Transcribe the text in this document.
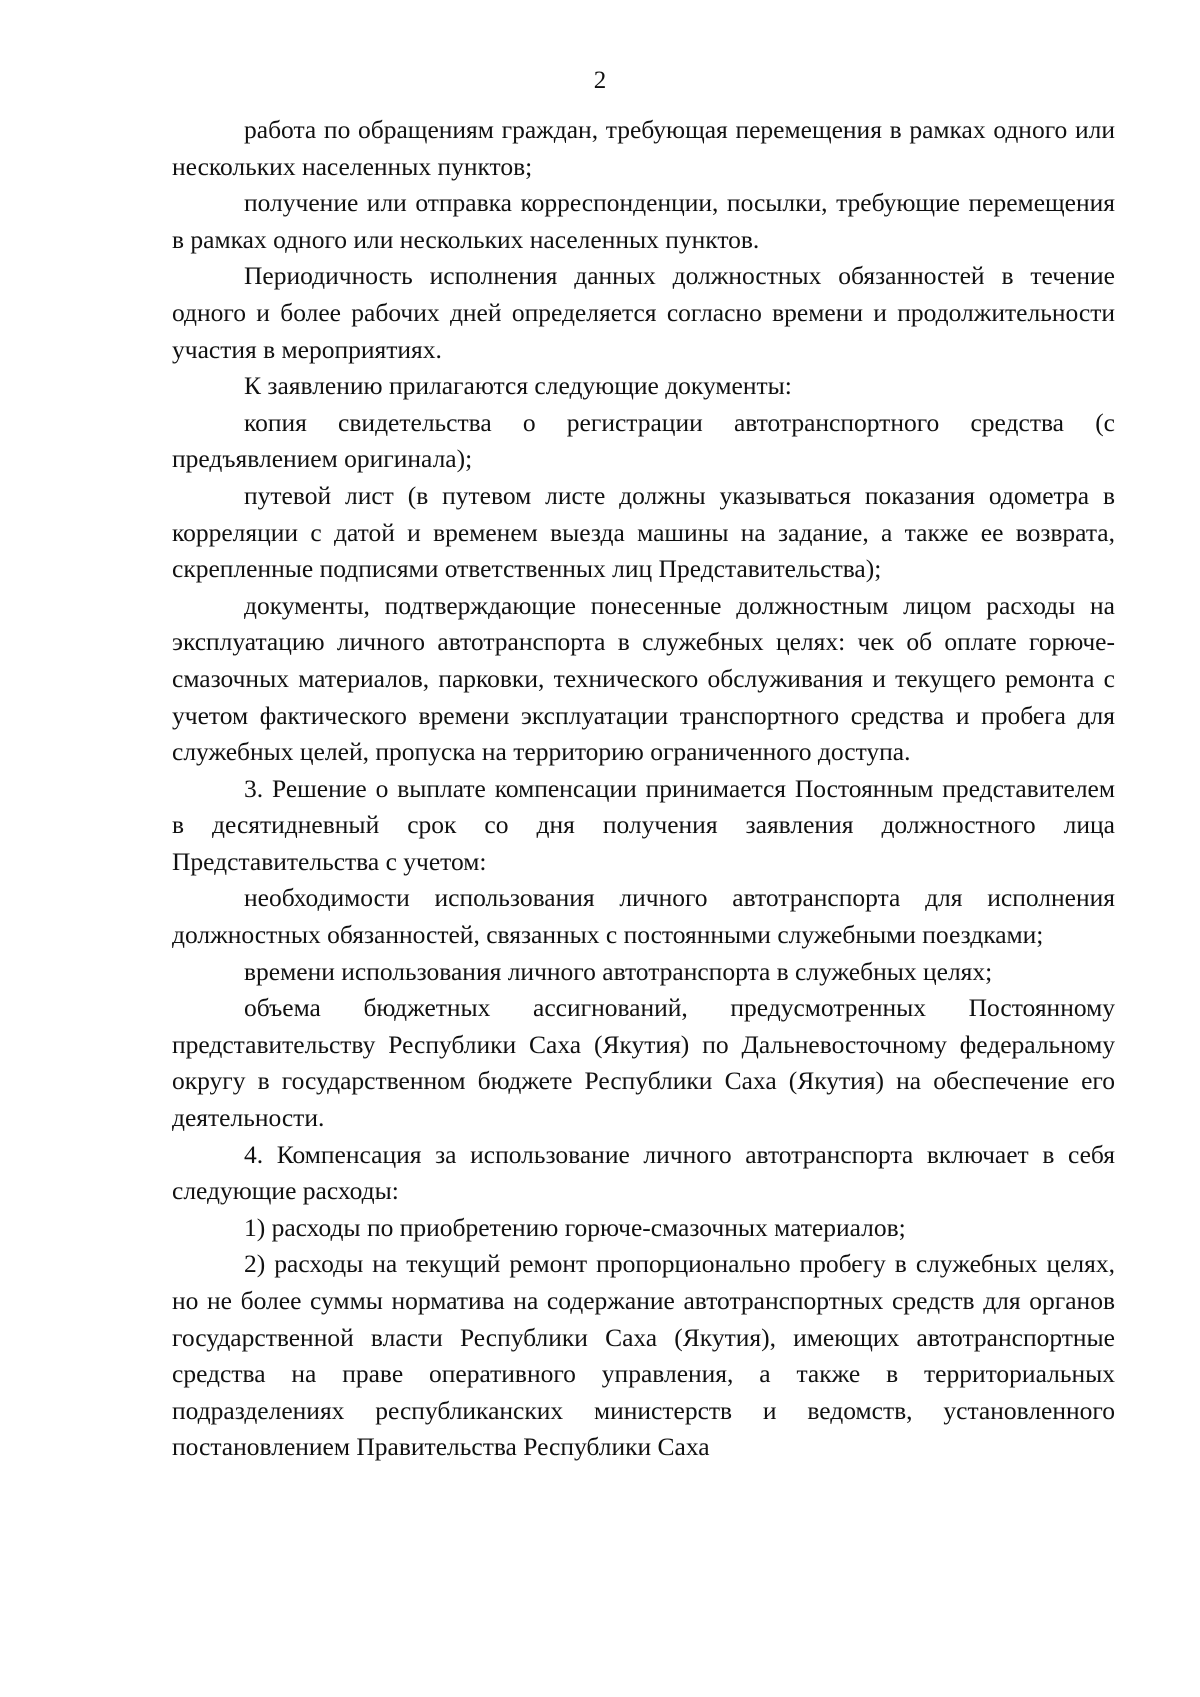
2

работа по обращениям граждан, требующая перемещения в рамках одного или нескольких населенных пунктов;

получение или отправка корреспонденции, посылки, требующие перемещения в рамках одного или нескольких населенных пунктов.

Периодичность исполнения данных должностных обязанностей в течение одного и более рабочих дней определяется согласно времени и продолжительности участия в мероприятиях.

К заявлению прилагаются следующие документы:

копия свидетельства о регистрации автотранспортного средства (с предъявлением оригинала);

путевой лист (в путевом листе должны указываться показания одометра в корреляции с датой и временем выезда машины на задание, а также ее возврата, скрепленные подписями ответственных лиц Представительства);

документы, подтверждающие понесенные должностным лицом расходы на эксплуатацию личного автотранспорта в служебных целях: чек об оплате горюче-смазочных материалов, парковки, технического обслуживания и текущего ремонта с учетом фактического времени эксплуатации транспортного средства и пробега для служебных целей, пропуска на территорию ограниченного доступа.

3. Решение о выплате компенсации принимается Постоянным представителем в десятидневный срок со дня получения заявления должностного лица Представительства с учетом:

необходимости использования личного автотранспорта для исполнения должностных обязанностей, связанных с постоянными служебными поездками;

времени использования личного автотранспорта в служебных целях;

объема бюджетных ассигнований, предусмотренных Постоянному представительству Республики Саха (Якутия) по Дальневосточному федеральному округу в государственном бюджете Республики Саха (Якутия) на обеспечение его деятельности.

4. Компенсация за использование личного автотранспорта включает в себя следующие расходы:

1) расходы по приобретению горюче-смазочных материалов;

2) расходы на текущий ремонт пропорционально пробегу в служебных целях, но не более суммы норматива на содержание автотранспортных средств для органов государственной власти Республики Саха (Якутия), имеющих автотранспортные средства на праве оперативного управления, а также в территориальных подразделениях республиканских министерств и ведомств, установленного постановлением Правительства Республики Саха
